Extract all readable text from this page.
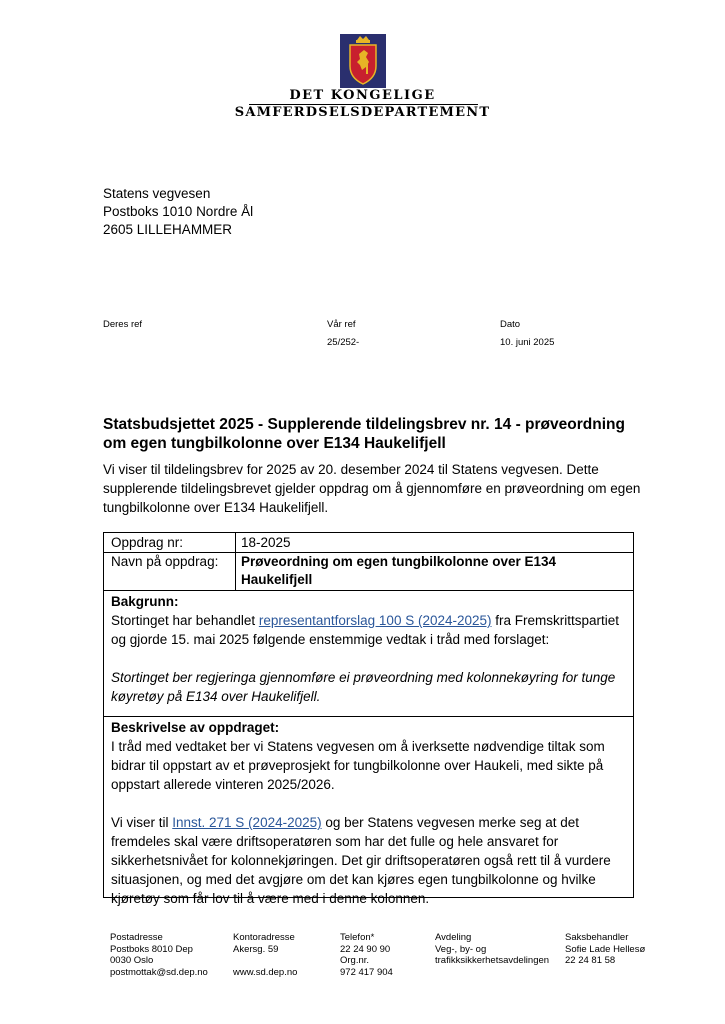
DET KONGELIGE
SAMFERDSELSDEPARTEMENT
Statens vegvesen
Postboks 1010 Nordre Ål
2605 LILLEHAMMER
Deres ref	Vår ref
25/252-
Dato
10. juni 2025
Statsbudsjettet 2025 - Supplerende tildelingsbrev nr. 14 - prøveordning om egen tungbilkolonne over E134 Haukelifjell
Vi viser til tildelingsbrev for 2025 av 20. desember 2024 til Statens vegvesen. Dette supplerende tildelingsbrevet gjelder oppdrag om å gjennomføre en prøveordning om egen tungbilkolonne over E134 Haukelifjell.
Oppdrag nr:	18-2025
Navn på oppdrag: Prøveordning om egen tungbilkolonne over E134 Haukelifjell
Bakgrunn:
Stortinget har behandlet representantforslag 100 S (2024-2025) fra Fremskrittspartiet og gjorde 15. mai 2025 følgende enstemmige vedtak i tråd med forslaget:
Stortinget ber regjeringa gjennomføre ei prøveordning med kolonnekøyring for tunge køyretøy på E134 over Haukelifjell.
Beskrivelse av oppdraget:
I tråd med vedtaket ber vi Statens vegvesen om å iverksette nødvendige tiltak som bidrar til oppstart av et prøveprosjekt for tungbilkolonne over Haukeli, med sikte på oppstart allerede vinteren 2025/2026.
Vi viser til Innst. 271 S (2024-2025) og ber Statens vegvesen merke seg at det fremdeles skal være driftsoperatøren som har det fulle og hele ansvaret for sikkerhetsnivået for kolonnekjøringen. Det gir driftsoperatøren også rett til å vurdere situasjonen, og med det avgjøre om det kan kjøres egen tungbilkolonne og hvilke kjøretøy som får lov til å være med i denne kolonnen.
Postadresse
Postboks 8010 Dep
0030 Oslo
postmottak@sd.dep.no
Kontoradresse
Akersg. 59

www.sd.dep.no
Telefon*
22 24 90 90
Org.nr.
972 417 904
Avdeling
Veg-, by- og
trafikksikkerhetsavdelingen
Saksbehandler
Sofie Lade Hellesø
22 24 81 58
